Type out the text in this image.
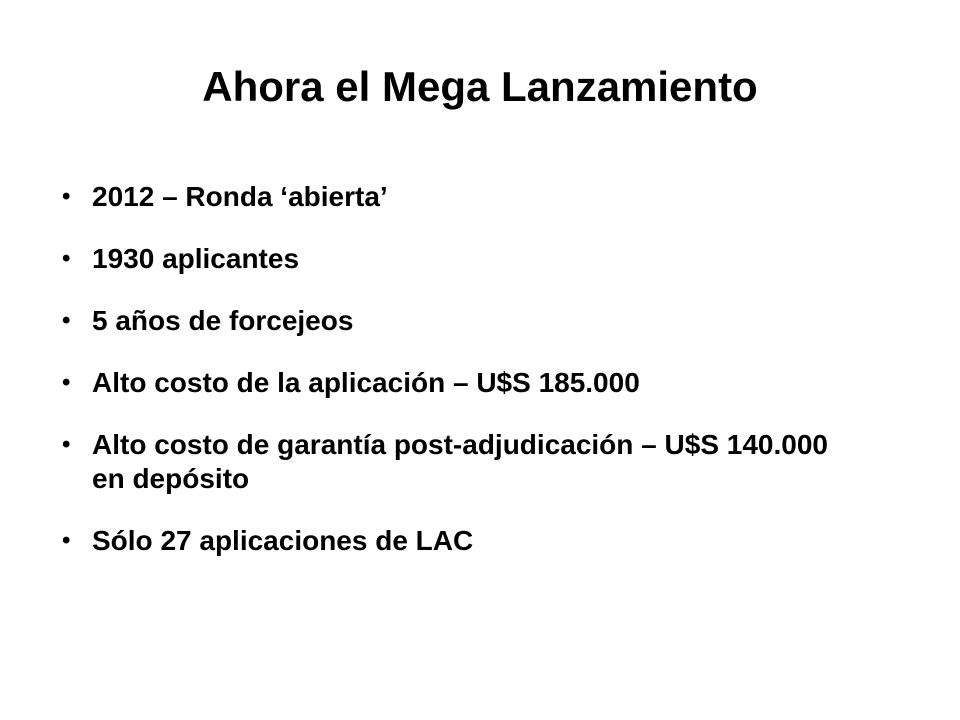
Ahora el Mega Lanzamiento
• 2012 – Ronda ‘abierta’
• 1930 aplicantes
• 5 años de forcejeos
• Alto costo de la aplicación – U$S 185.000
• Alto costo de garantía post-adjudicación – U$S 140.000 en depósito
• Sólo 27 aplicaciones de LAC
